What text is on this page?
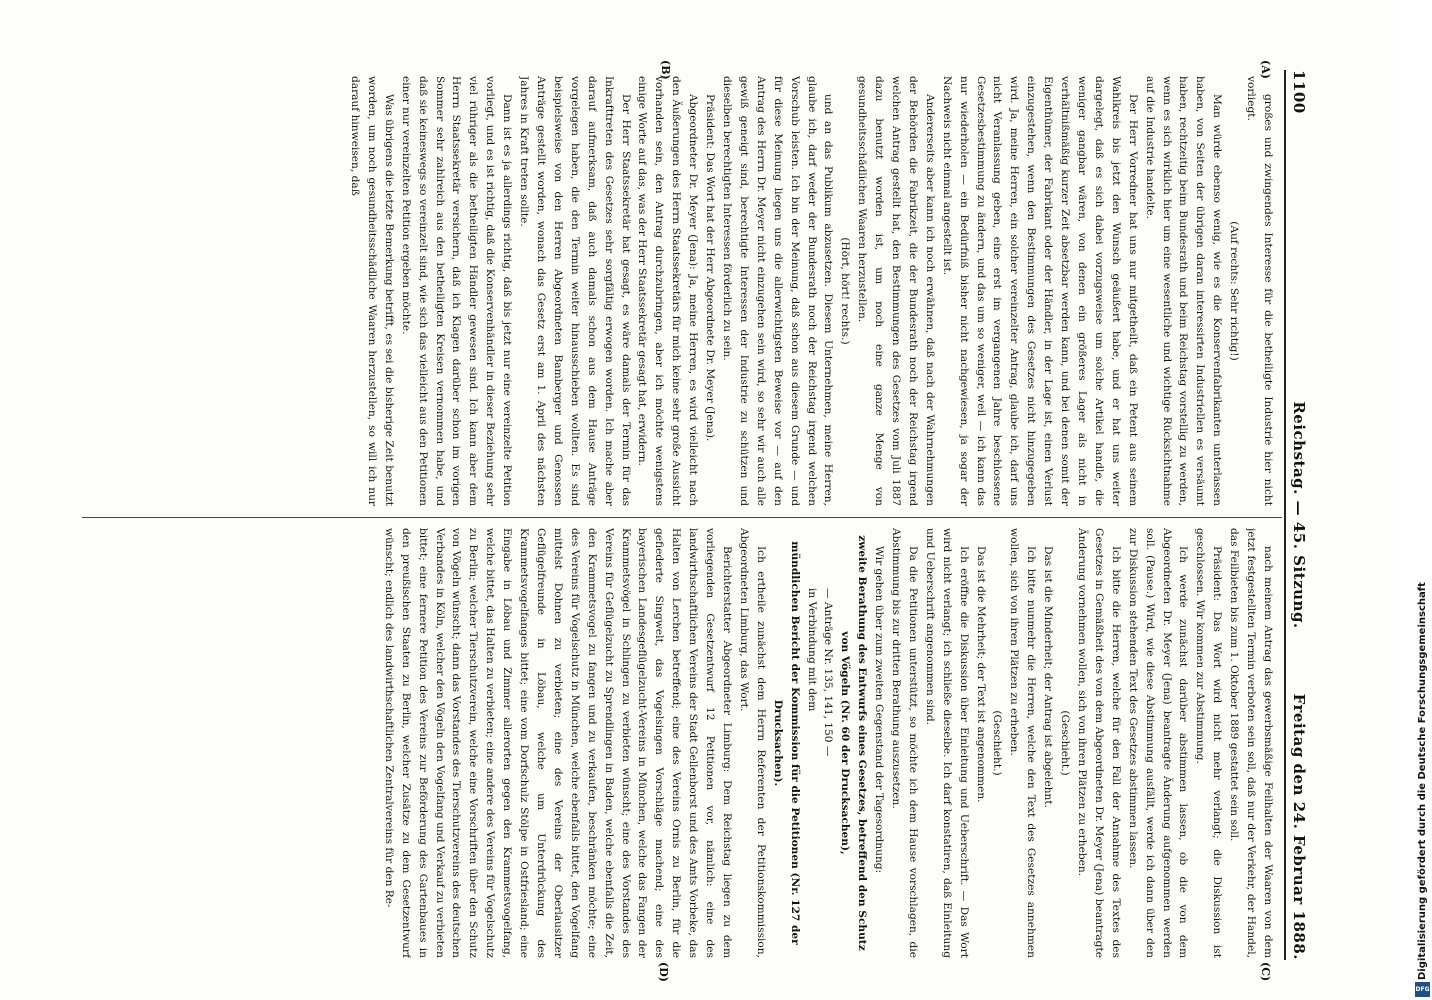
1100
Reichstag. — 45. Sitzung.
Freitag den 24. Februar 1888.
(A)
(B)
(C)
(D)

großes und zwingendes Interesse für die betheiligte Industrie hier nicht vorliegt.

(Auf rechts: Sehr richtig!)

Man würde ebenso wenig, wie es die Konservenfabrikanten unterlassen haben, von Seiten der übrigen daran interessirten Industriellen es versäumt haben, rechtzeitig beim Bundesrath und beim Reichstag vorstellig zu werden, wenn es sich wirklich hier um eine wesentliche und wichtige Rücksichtnahme auf die Industrie handelte.

Der Herr Vorredner hat uns nur mitgetheilt, daß ein Petent aus seinem Wahlkreis bis jetzt den Wunsch geäußert habe, und er hat uns weiter dargelegt, daß es sich dabei vorzugsweise um solche Artikel handle, die weniger gangbar wären, von denen ein größeres Lager als nicht in verhältnißmäßig kurzer Zeit absetzbar werden kann, und bei denen somit der Eigenthümer, der Fabrikant oder der Händler, in der Lage ist, einen Verlust einzugestehen, wenn den Bestimmungen des Gesetzes nicht hinzugegeben wird. Ja, meine Herren, ein solcher vereinzelter Antrag, glaube ich, darf uns nicht Veranlassung geben, eine erst im vergangenen Jahre beschlossene Gesetzesbestimmung zu ändern, und das um so weniger, weil — ich kann das nur wiederholen — ein Bedürfniß bisher nicht nachgewiesen, ja sogar der Nachweis nicht einmal angestellt ist.

Andererseits aber kann ich noch erwähnen, daß nach der Wahrnehmungen der Behörden die Fabrikzeit, die der Bundesrath noch der Reichstag irgend welchen Antrag gestellt hat, den Bestimmungen des Gesetzes vom Juli 1887 dazu benutzt worden ist, um noch eine ganze Menge von gesundheitsschädlichen Waaren herzustellen.

(Hört, hört! rechts.)

und an das Publikum abzusetzen. Diesem Unternehmen, meine Herren, glaube ich, darf weder der Bundesrath noch der Reichstag irgend welchen Vorschub leisten. Ich bin der Meinung, daß schon aus diesem Grunde — und für diese Meinung liegen uns die allerwichtigsten Beweise vor — auf den Antrag des Herrn Dr. Meyer nicht einzugehen sein wird, so sehr wir auch alle gewiß geneigt sind, berechtigte Interessen der Industrie zu schützen und dieselben berechtigten Interessen förderlich zu sein.

Präsident: Das Wort hat der Herr Abgeordnete Dr. Meyer (Jena).

Abgeordneter Dr. Meyer (Jena): Ja, meine Herren, es wird vielleicht nach den Äußerungen des Herrn Staatssekretärs für mich keine sehr große Aussicht vorhanden sein, den Antrag durchzubringen, aber ich möchte wenigstens einige Worte auf das, was der Herr Staatssekretär gesagt hat, erwidern.

Der Herr Staatssekretär hat gesagt, es wäre damals der Termin für das Inkrafttreten des Gesetzes sehr sorgfältig erwogen worden. Ich mache aber darauf aufmerksam, daß auch damals schon aus dem Hause Anträge vorgelegen haben, die den Termin weiter hinausschieben wollten. Es sind beispielsweise von den Herren Abgeordneten Bamberger und Genossen Anträge gestellt worden, wonach das Gesetz erst am 1. April des nächsten Jahres in Kraft treten sollte.

Dann ist es ja allerdings richtig, daß bis jetzt nur eine vereinzelte Petition vorliegt, und es ist richtig, daß die Konservenhändler in dieser Beziehung sehr viel rühriger als die betheiligten Händler gewesen sind. Ich kann aber dem Herrn Staatssekretär versichern, daß ich Klagen darüber schon im vorigen Sommer sehr zahlreich aus den betheiligten Kreisen vernommen habe, und daß sie keineswegs so vereinzelt sind, wie sich das vielleicht aus den Petitionen einer nur vereinzelten Petition ergeben möchte.

Was übrigens die letzte Bemerkung betrifft, es sei die bisherige Zeit benutzt worden, um noch gesundheitsschädliche Waaren herzustellen, so will ich nur darauf hinweisen, daß

nach meinem Antrag das gewerbsmäßige Feilhalten der Waaren von dem jetzt festgestellten Termin verboten sein soll, daß nur der Verkehr, der Handel, das Feilbieten bis zum 1. Oktober 1889 gestattet sein soll.

Präsident: Das Wort wird nicht mehr verlangt; die Diskussion ist geschlossen. Wir kommen zur Abstimmung.

Ich werde zunächst darüber abstimmen lassen, ob die von dem Abgeordneten Dr. Meyer (Jena) beantragte Änderung aufgenommen werden soll. (Pause.) Wird, wie diese Abstimmung ausfällt, werde ich dann über den zur Diskussion stehenden Text des Gesetzes abstimmen lassen.

Ich bitte die Herren, welche für den Fall der Annahme des Textes des Gesetzes in Gemäßheit des von dem Abgeordneten Dr. Meyer (Jena) beantragte Änderung vornehmen wollen, sich von ihren Plätzen zu erheben.

(Geschieht.)

Das ist die Minderheit; der Antrag ist abgelehnt.

Ich bitte nunmehr die Herren, welche den Text des Gesetzes annehmen wollen, sich von ihren Plätzen zu erheben.

(Geschieht.)

Das ist die Mehrheit; der Text ist angenommen.

Ich eröffne die Diskussion über Einleitung und Ueberschrift. — Das Wort wird nicht verlangt; ich schließe dieselbe. Ich darf konstatiren, daß Einleitung und Ueberschrift angenommen sind.

Da die Petitionen unterstützt, so möchte ich dem Hause vorschlagen, die Abstimmung bis zur dritten Berathung auszusetzen.

Wir gehen über zum zweiten Gegenstand der Tagesordnung:

zweite Berathung des Entwurfs eines Gesetzes, betreffend den Schutz von Vögeln (Nr. 60 der Drucksachen),

— Anträge Nr. 135, 141, 150 —

in Verbindung mit dem

mündlichen Bericht der Kommission für die Petitionen (Nr. 127 der Drucksachen).

Ich ertheile zunächst dem Herrn Referenten der Petitionskommission, Abgeordneten Limburg, das Wort.

Berichterstatter Abgeordneter Limburg: Dem Reichstag liegen zu dem vorliegenden Gesetzentwurf 12 Petitionen vor, nämlich: eine des landwirthschaftlichen Vereins der Stadt Gellenborst und des Amts Vorbeke, das Halten von Lerchen betreffend; eine des Vereins Ornis zu Berlin, für die gefiederte Singwelt, das Vogelsingen Vorschläge machend; eine des bayerischen Landesgeflügelzucht-Vereins in München, welche das Fangen der Krammetsvögel in Schlingen zu verbieten wünscht; eine des Vorstandes des Vereins für Geflügelzucht zu Sprendlingen in Baden, welche ebenfalls die Zeit, den Krammetsvogel zu fangen und zu verkaufen, beschränken möchte; eine des Vereins für Vogelschutz in München, welche ebenfalls bittet, den Vogelfang mittelst Dohnen zu verbieten; eine des Vereins der Oberlausitzer Geflügelfreunde in Löbau, welche um Unterdrückung des Krammetsvogelfanges bittet; eine vom Dorfschulz Stölpe in Ostfriesland; eine Eingabe in Löbau und Zimmer allerorten gegen den Krammetsvogelfang, welche bittet, das Halten zu verbieten; eine andere des Vereins für Vogelschutz zu Berlin; welcher Tierschutzverein, welche eine Vorschriften über den Schutz von Vögeln wünscht; dann das Vorstandes des Tierschutzvereins des deutschen Verbandes in Köln, welcher den Vögeln den Vogelfang und Verkauf zu verbieten bittet; eine fernere Petition des Vereins zur Beförderung des Gartenbaues in den preußischen Staaten zu Berlin, welcher Zusätze zu dem Gesetzentwurf wünscht; endlich des landwirthschaftlichen Zentralvereins für den Re-	Digitalisierung gefördert durch die Deutsche Forschungsgemeinschaft
DFG
